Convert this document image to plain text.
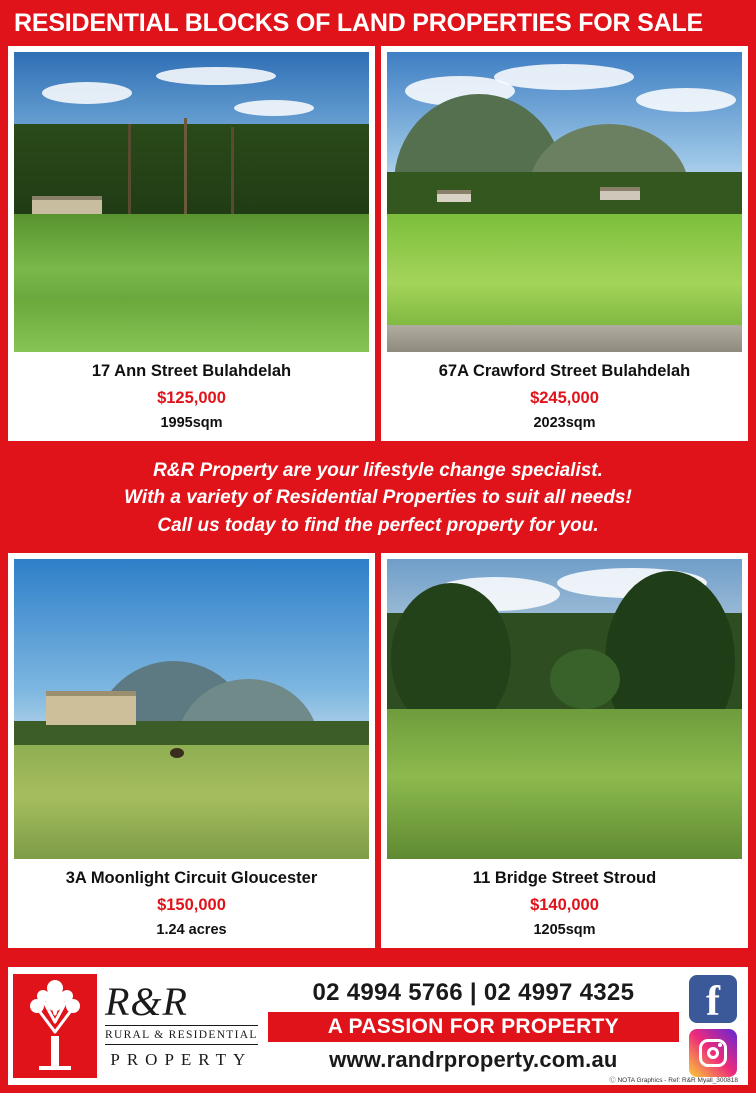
RESIDENTIAL BLOCKS OF LAND PROPERTIES FOR SALE
17 Ann Street Bulahdelah
$125,000
1995sqm
67A Crawford Street Bulahdelah
$245,000
2023sqm

R&R Property are your lifestyle change specialist.

With a variety of Residential Properties to suit all needs!

Call us today to find the perfect property for you.

3A Moonlight Circuit Gloucester
$150,000
1.24 acres
11 Bridge Street Stroud
$140,000
1205sqm
R&R
RURAL & RESIDENTIAL
PROPERTY
02 4994 5766 | 02 4997 4325
A PASSION FOR PROPERTY
www.randrproperty.com.au
f
Ⓒ NOTA Graphics - Ref: R&R Myall_300818
